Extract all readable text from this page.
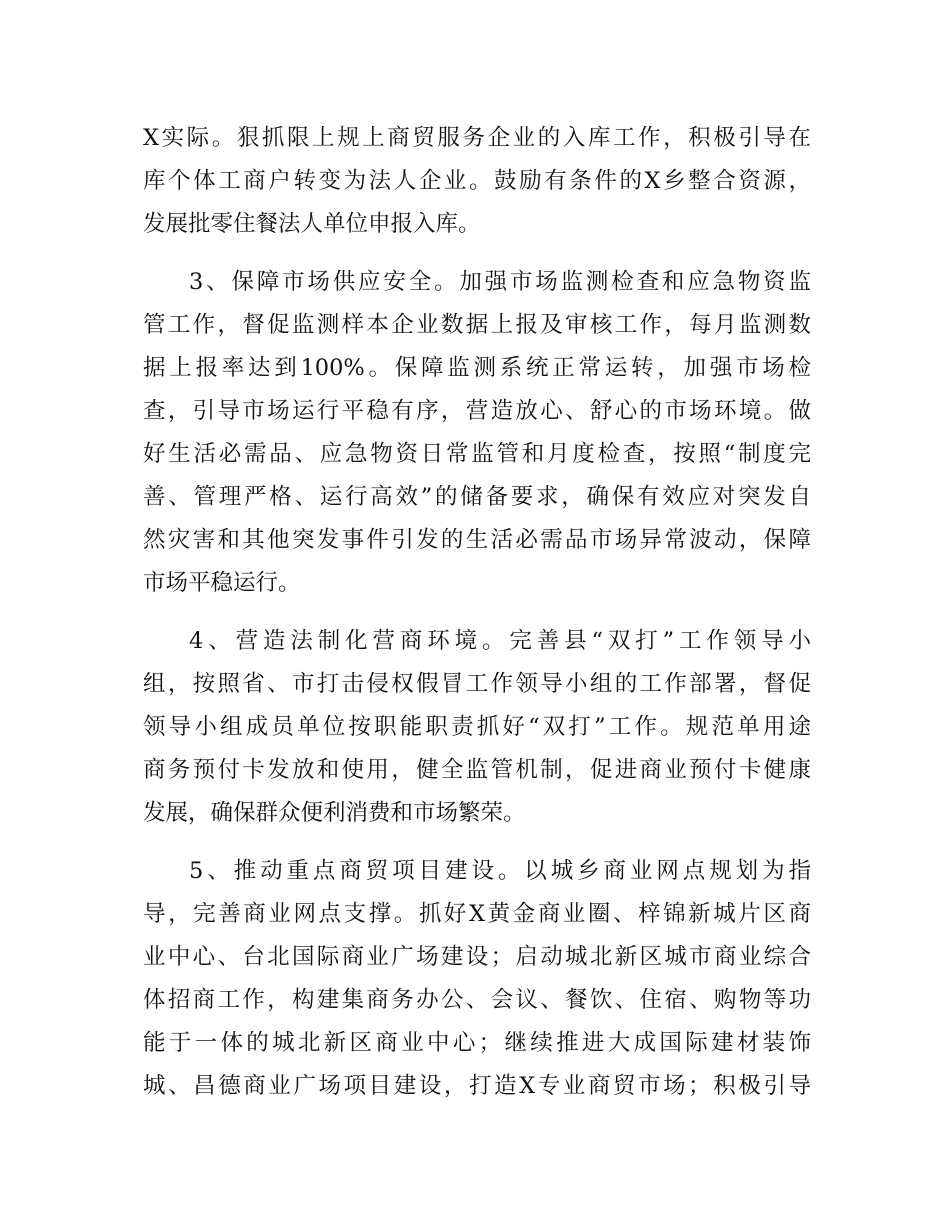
X实际。狠抓限上规上商贸服务企业的入库工作，积极引导在
库个体工商户转变为法人企业。鼓励有条件的X乡整合资源，
发展批零住餐法人单位申报入库。
3、保障市场供应安全。加强市场监测检查和应急物资监
管工作，督促监测样本企业数据上报及审核工作，每月监测数
据上报率达到100%。保障监测系统正常运转，加强市场检
查，引导市场运行平稳有序，营造放心、舒心的市场环境。做
好生活必需品、应急物资日常监管和月度检查，按照“制度完
善、管理严格、运行高效”的储备要求，确保有效应对突发自
然灾害和其他突发事件引发的生活必需品市场异常波动，保障
市场平稳运行。
4、营造法制化营商环境。完善县“双打”工作领导小
组，按照省、市打击侵权假冒工作领导小组的工作部署，督促
领导小组成员单位按职能职责抓好“双打”工作。规范单用途
商务预付卡发放和使用，健全监管机制，促进商业预付卡健康
发展，确保群众便利消费和市场繁荣。
5、推动重点商贸项目建设。以城乡商业网点规划为指
导，完善商业网点支撑。抓好X黄金商业圈、梓锦新城片区商
业中心、台北国际商业广场建设；启动城北新区城市商业综合
体招商工作，构建集商务办公、会议、餐饮、住宿、购物等功
能于一体的城北新区商业中心；继续推进大成国际建材装饰
城、昌德商业广场项目建设，打造X专业商贸市场；积极引导
